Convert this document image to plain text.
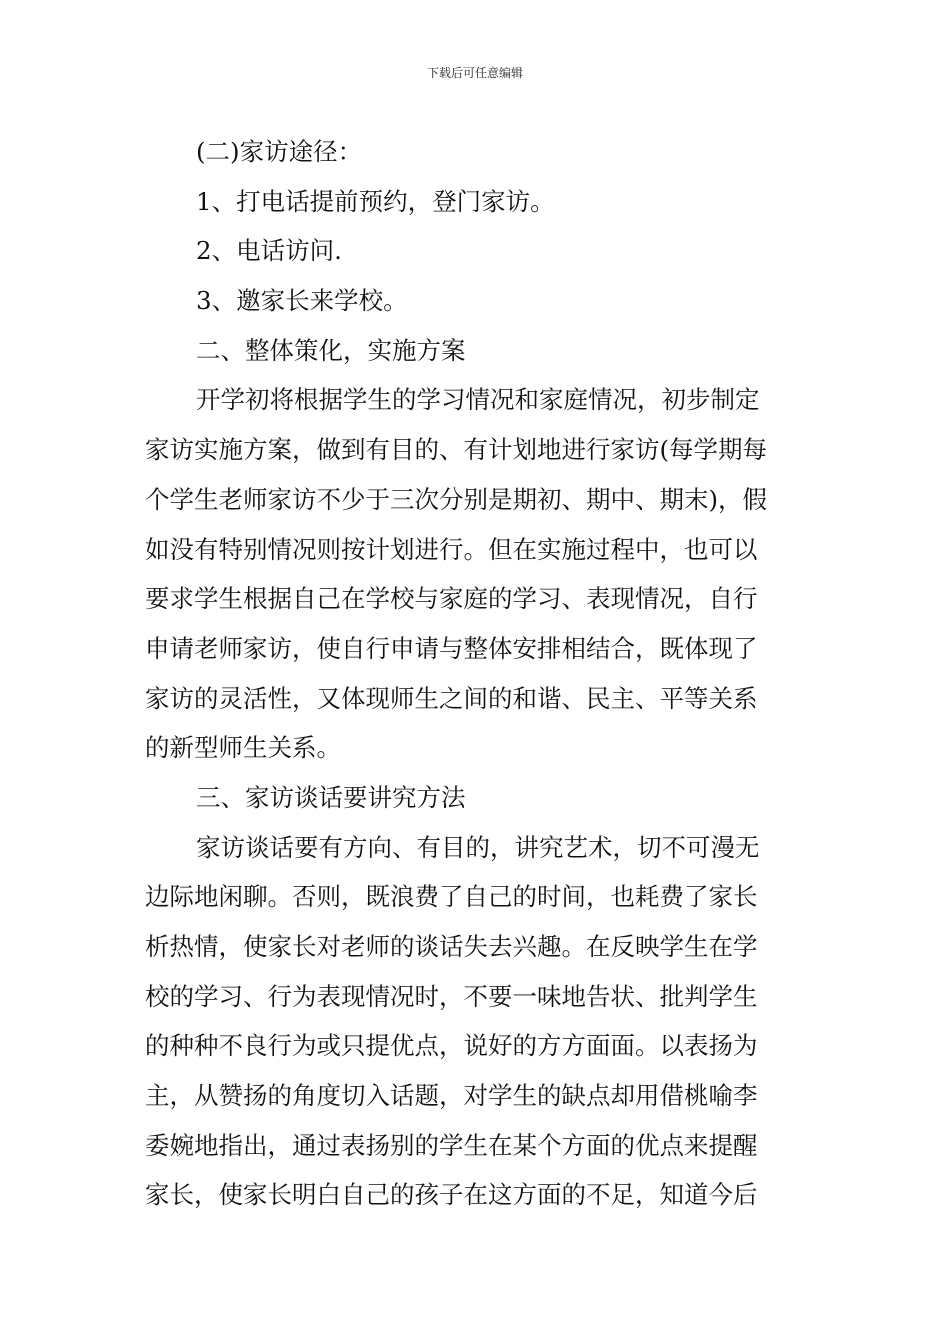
下载后可任意编辑
(二)家访途径：
1、打电话提前预约，登门家访。
2、电话访问.
3、邀家长来学校。
二、整体策化，实施方案
开学初将根据学生的学习情况和家庭情况，初步制定
家访实施方案，做到有目的、有计划地进行家访(每学期每
个学生老师家访不少于三次分别是期初、期中、期末)，假
如没有特别情况则按计划进行。但在实施过程中，也可以
要求学生根据自己在学校与家庭的学习、表现情况，自行
申请老师家访，使自行申请与整体安排相结合，既体现了
家访的灵活性，又体现师生之间的和谐、民主、平等关系
的新型师生关系。
三、家访谈话要讲究方法
家访谈话要有方向、有目的，讲究艺术，切不可漫无
边际地闲聊。否则，既浪费了自己的时间，也耗费了家长
析热情，使家长对老师的谈话失去兴趣。在反映学生在学
校的学习、行为表现情况时，不要一味地告状、批判学生
的种种不良行为或只提优点，说好的方方面面。以表扬为
主，从赞扬的角度切入话题，对学生的缺点却用借桃喻李
委婉地指出，通过表扬别的学生在某个方面的优点来提醒
家长，使家长明白自己的孩子在这方面的不足，知道今后
